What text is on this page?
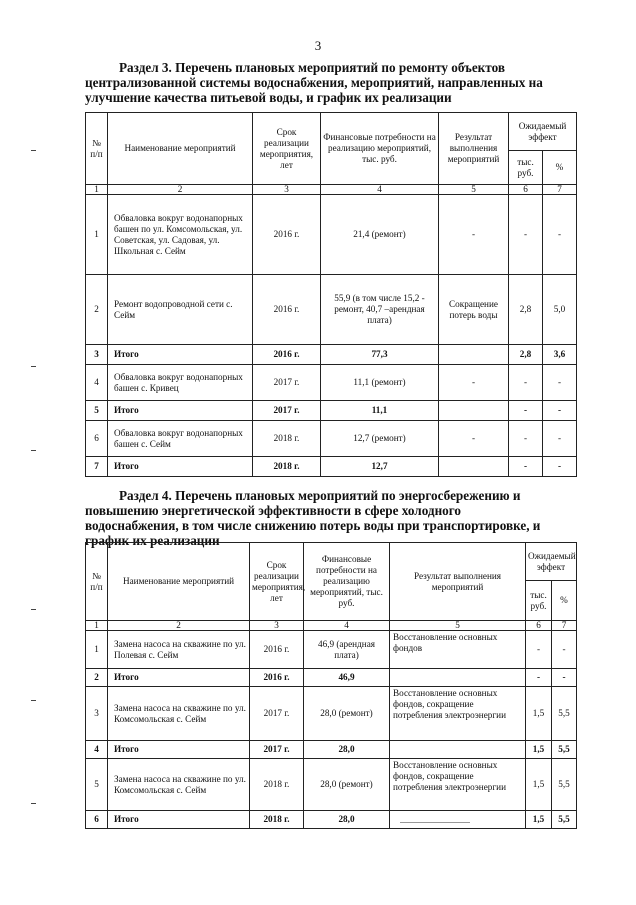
3
Раздел 3. Перечень плановых мероприятий по ремонту объектов
централизованной системы водоснабжения, мероприятий, направленных на
улучшение качества питьевой воды, и график их реализации
№ п/п	Наименование мероприятий	Срок реализации мероприятия, лет	Финансовые потребности на реализацию мероприятий, тыс. руб.	Результат выполнения мероприятий	Ожидаемый эффект	
					тыс. руб.	%
1	2	3	4	5	6	7
1	Обваловка вокруг водонапорных башен по ул. Комсомольская, ул. Советская, ул. Садовая, ул. Школьная с. Сейм	2016 г.	21,4 (ремонт)	-	-	-
2	Ремонт водопроводной сети с. Сейм	2016 г.	55,9 (в том числе 15,2 - ремонт, 40,7 –арендная плата)	Сокращение потерь воды	2,8	5,0
3	Итого	2016 г.	77,3		2,8	3,6
4	Обваловка вокруг водонапорных башен с. Кривец	2017 г.	11,1 (ремонт)	-	-	-
5	Итого	2017 г.	11,1		-	-
6	Обваловка вокруг водонапорных башен с. Сейм	2018 г.	12,7 (ремонт)	-	-	-
7	Итого	2018 г.	12,7		-	-
Раздел 4. Перечень плановых мероприятий по энергосбережению и
повышению энергетической эффективности в сфере холодного
водоснабжения, в том числе снижению потерь воды при транспортировке, и
график их реализации
№ п/п	Наименование мероприятий	Срок реализации мероприятия, лет	Финансовые потребности на реализацию мероприятий, тыс. руб.	Результат выполнения мероприятий	Ожидаемый эффект	
					тыс. руб.	%
1	2	3	4	5	6	7
1	Замена насоса на скважине по ул. Полевая с. Сейм	2016 г.	46,9 (арендная плата)	Восстановление основных фондов	-	-
2	Итого	2016 г.	46,9		-	-
3	Замена насоса на скважине по ул. Комсомольская с. Сейм	2017 г.	28,0 (ремонт)	Восстановление основных фондов, сокращение потребления электроэнергии	1,5	5,5
4	Итого	2017 г.	28,0		1,5	5,5
5	Замена насоса на скважине по ул. Комсомольская с. Сейм	2018 г.	28,0 (ремонт)	Восстановление основных фондов, сокращение потребления электроэнергии	1,5	5,5
6	Итого	2018 г.	28,0		1,5	5,5
